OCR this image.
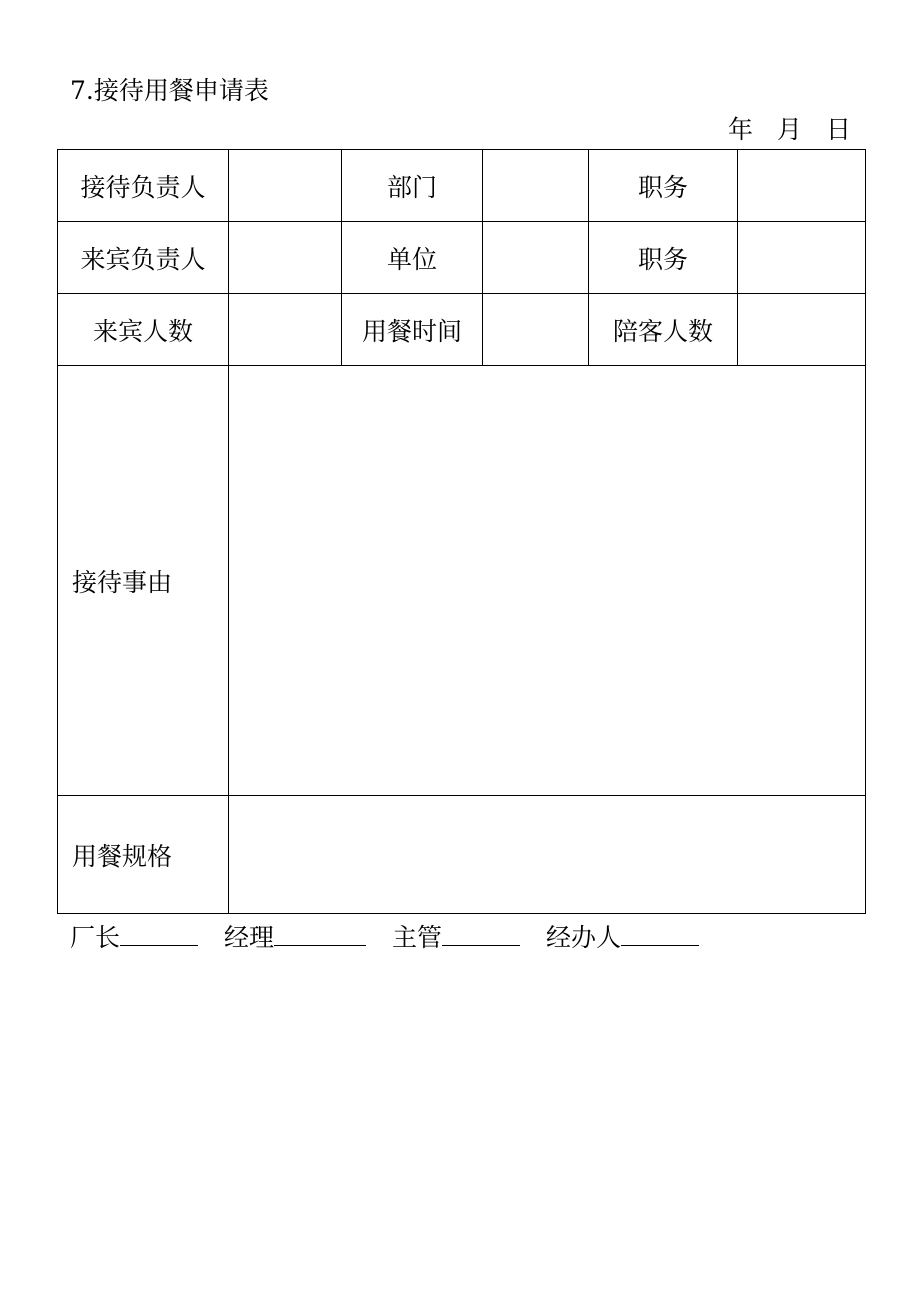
7.接待用餐申请表
年 月 日
接待负责人		部门		职务	
来宾负责人		单位		职务	
来宾人数		用餐时间		陪客人数	
接待事由					
用餐规格					
厂长	经理	主管	经办人
